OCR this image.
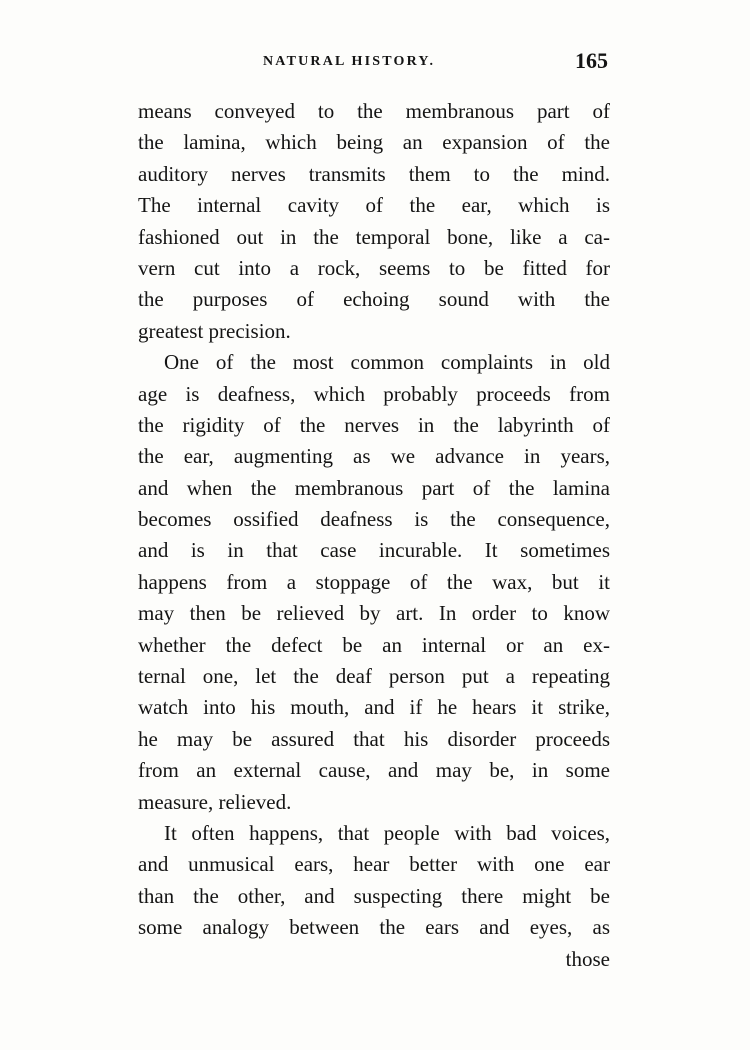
NATURAL HISTORY.	165
means conveyed to the membranous part of
the lamina, which being an expansion of the
auditory nerves transmits them to the mind.
The internal cavity of the ear, which is
fashioned out in the temporal bone, like a ca-
vern cut into a rock, seems to be fitted for
the purposes of echoing sound with the
greatest precision.
One of the most common complaints in old
age is deafness, which probably proceeds from
the rigidity of the nerves in the labyrinth of
the ear, augmenting as we advance in years,
and when the membranous part of the lamina
becomes ossified deafness is the consequence,
and is in that case incurable. It sometimes
happens from a stoppage of the wax, but it
may then be relieved by art. In order to know
whether the defect be an internal or an ex-
ternal one, let the deaf person put a repeating
watch into his mouth, and if he hears it strike,
he may be assured that his disorder proceeds
from an external cause, and may be, in some
measure, relieved.
It often happens, that people with bad voices,
and unmusical ears, hear better with one ear
than the other, and suspecting there might be
some analogy between the ears and eyes, as
those
